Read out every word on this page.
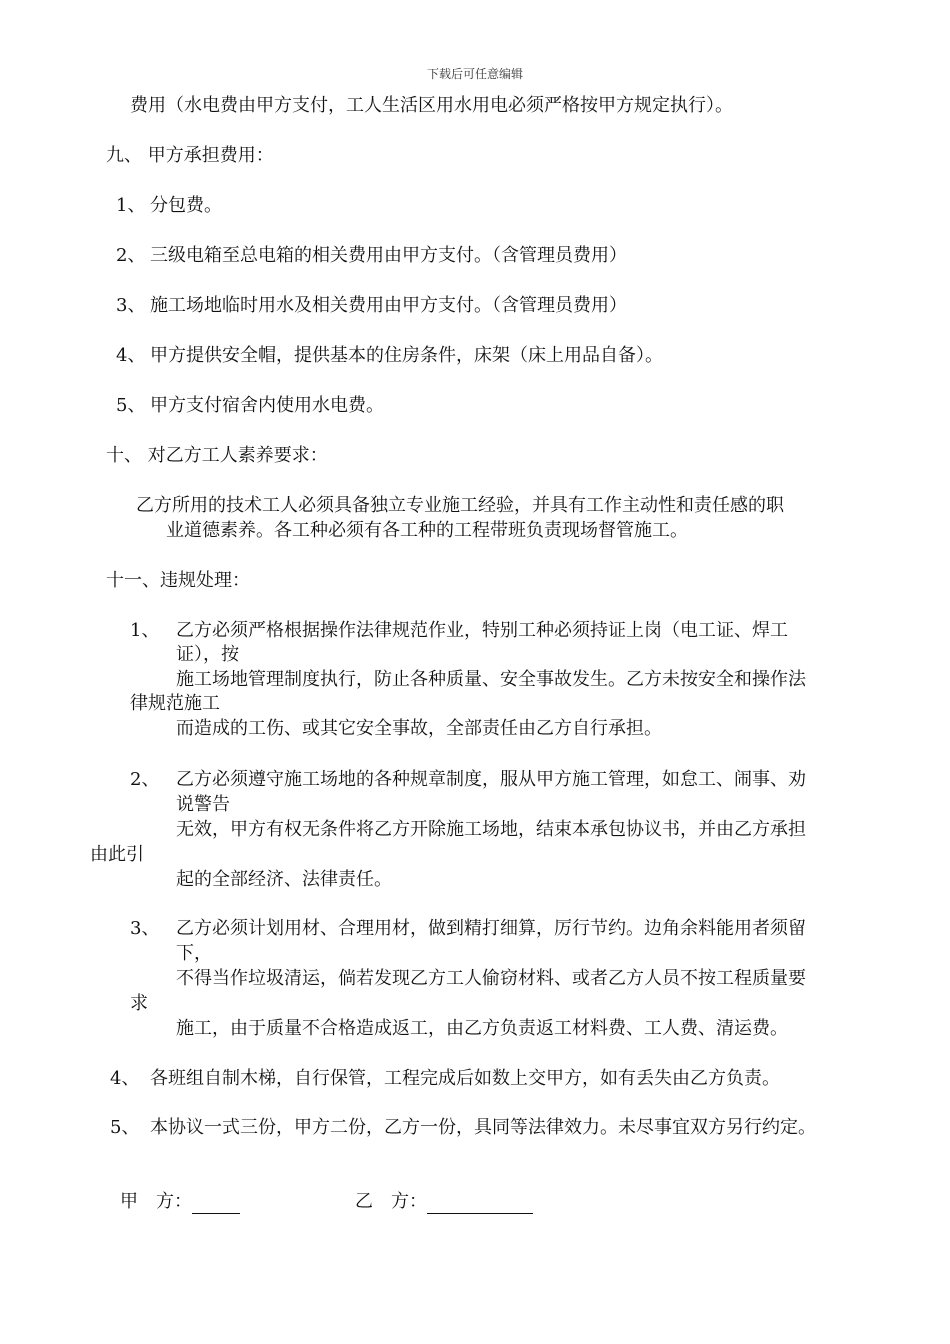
下载后可任意编辑
费用（水电费由甲方支付，工人生活区用水用电必须严格按甲方规定执行）。
九、 甲方承担费用：
1、 分包费。
2、 三级电箱至总电箱的相关费用由甲方支付。（含管理员费用）
3、 施工场地临时用水及相关费用由甲方支付。（含管理员费用）
4、 甲方提供安全帽，提供基本的住房条件，床架（床上用品自备）。
5、 甲方支付宿舍内使用水电费。
十、 对乙方工人素养要求：
乙方所用的技术工人必须具备独立专业施工经验，并具有工作主动性和责任感的职
业道德素养。各工种必须有各工种的工程带班负责现场督管施工。
十一、违规处理：
1、 乙方必须严格根据操作法律规范作业，特别工种必须持证上岗（电工证、焊工
证），按
施工场地管理制度执行，防止各种质量、安全事故发生。乙方未按安全和操作法
律规范施工
而造成的工伤、或其它安全事故，全部责任由乙方自行承担。
2、 乙方必须遵守施工场地的各种规章制度，服从甲方施工管理，如怠工、闹事、劝
说警告
无效，甲方有权无条件将乙方开除施工场地，结束本承包协议书，并由乙方承担
由此引
起的全部经济、法律责任。
3、 乙方必须计划用材、合理用材，做到精打细算，厉行节约。边角余料能用者须留
下，
不得当作垃圾清运，倘若发现乙方工人偷窃材料、或者乙方人员不按工程质量要
求
施工，由于质量不合格造成返工，由乙方负责返工材料费、工人费、清运费。
4、 各班组自制木梯，自行保管，工程完成后如数上交甲方，如有丢失由乙方负责。
5、 本协议一式三份，甲方二份，乙方一份，具同等法律效力。未尽事宜双方另行约定。
甲　方：	乙　方：
